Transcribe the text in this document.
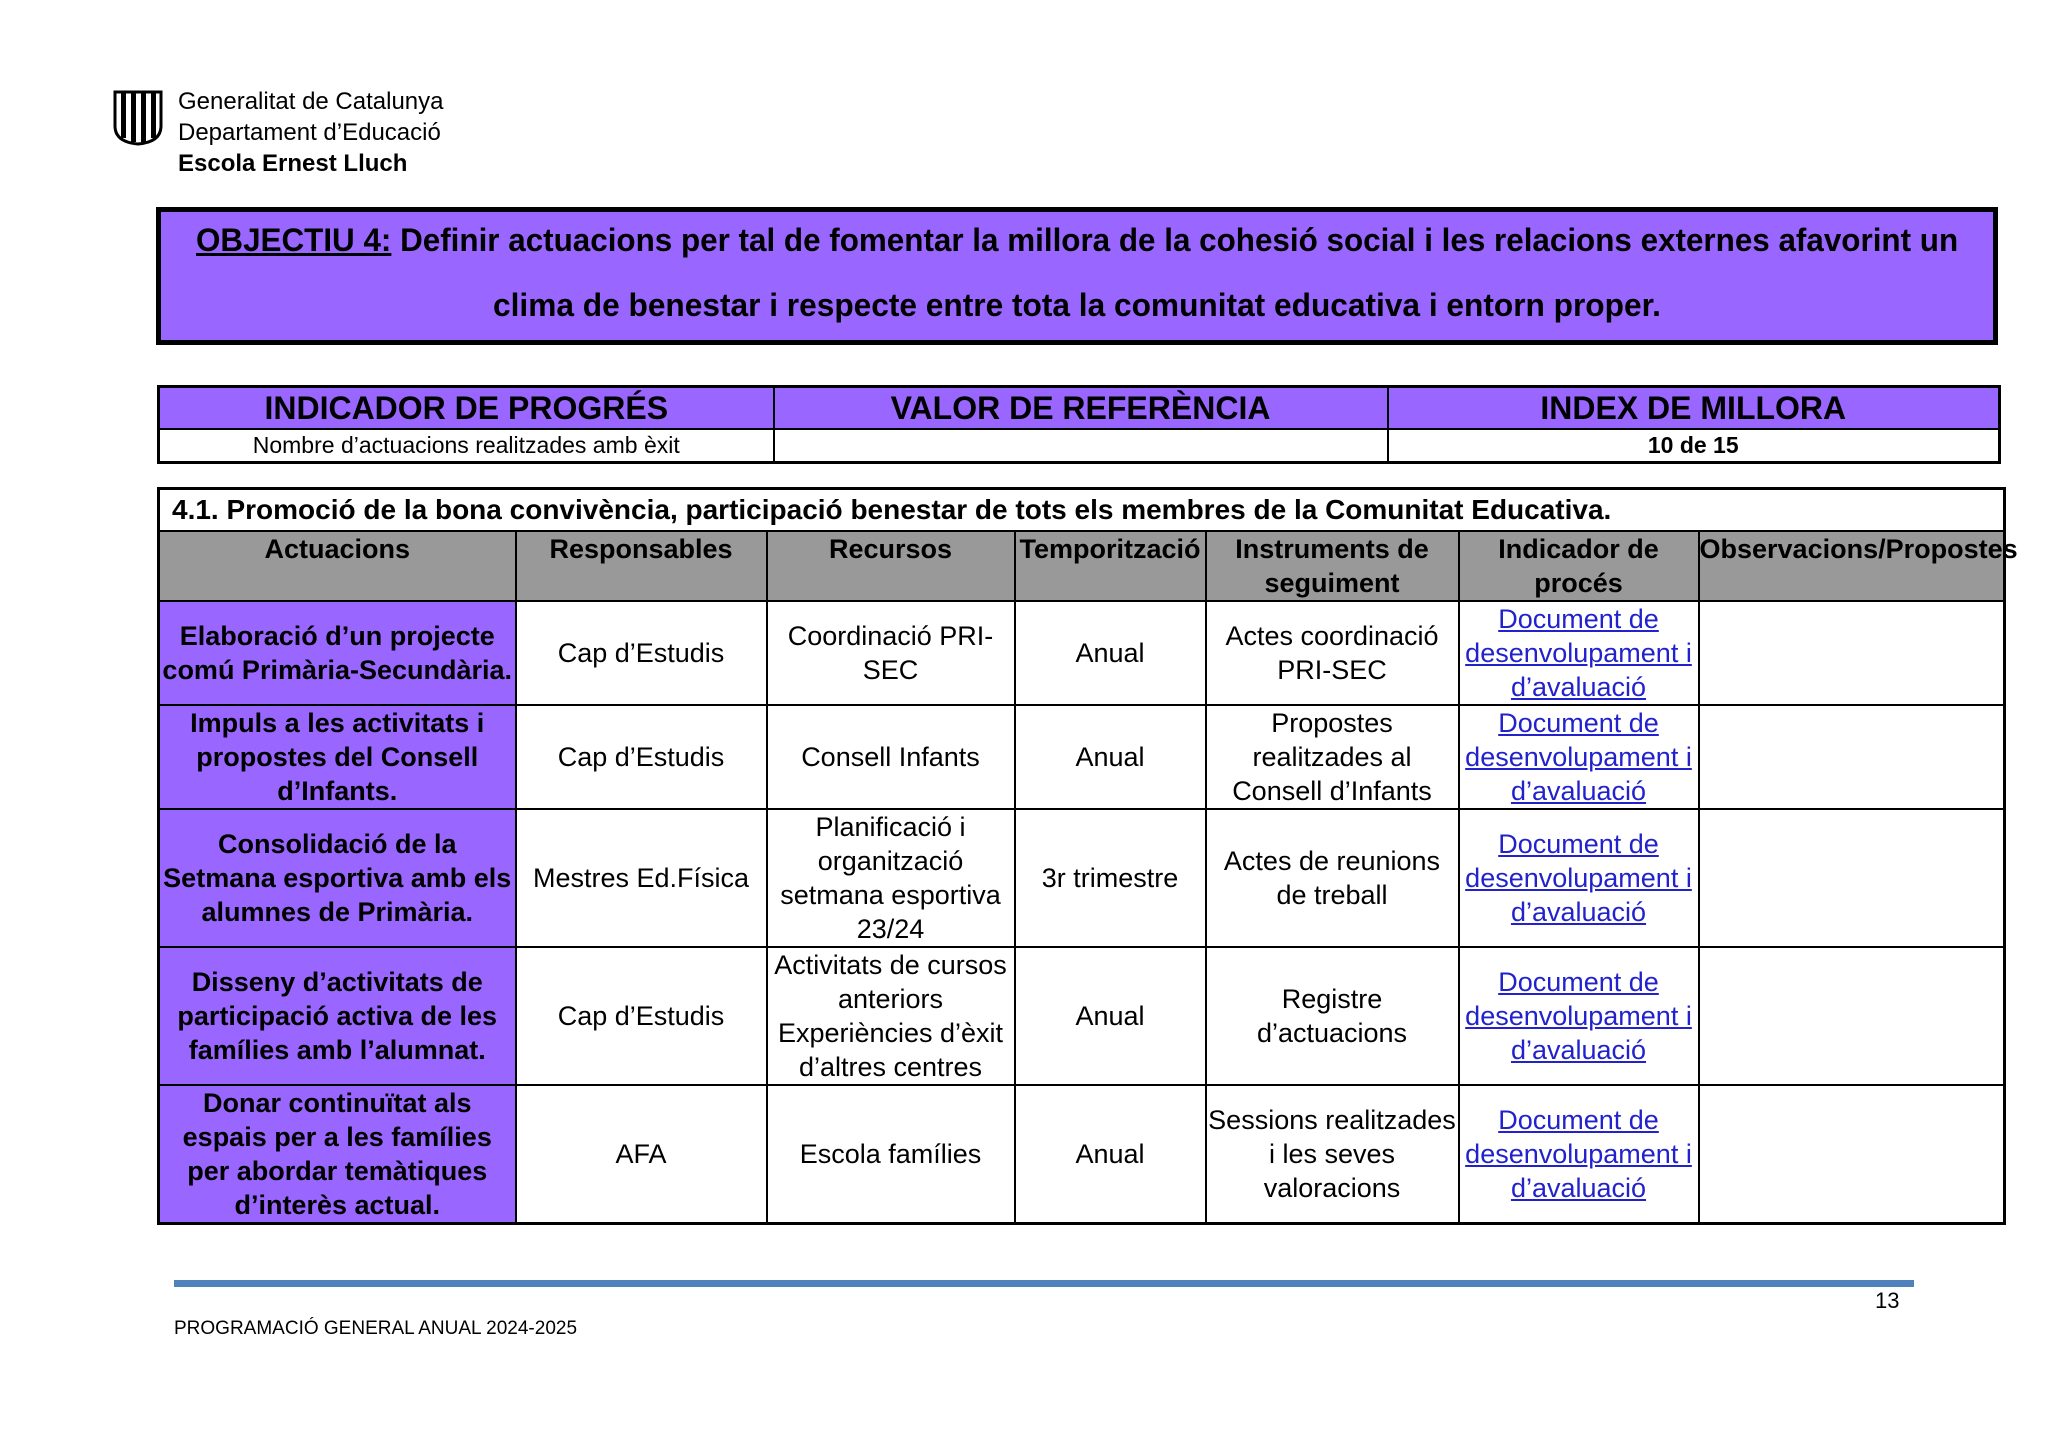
Generalitat de Catalunya
Departament d’Educació
Escola Ernest Lluch
OBJECTIU 4: Definir actuacions per tal de fomentar la millora de la cohesió social i les relacions externes afavorint un
clima de benestar i respecte entre tota la comunitat educativa i entorn proper.
INDICADOR DE PROGRÉS	VALOR DE REFERÈNCIA	INDEX DE MILLORA
Nombre d’actuacions realitzades amb èxit		10 de 15
4.1. Promoció de la bona convivència, participació benestar de tots els membres de la Comunitat Educativa.						
Actuacions	Responsables	Recursos	Temporització	Instruments de seguiment	Indicador de procés	Observacions/Propostes
Elaboració d’un projecte comú Primària-Secundària.	Cap d’Estudis	Coordinació PRI-SEC	Anual	Actes coordinació PRI-SEC	Document de desenvolupament i d’avaluació	
Impuls a les activitats i propostes del Consell d’Infants.	Cap d’Estudis	Consell Infants	Anual	Propostes realitzades al Consell d’Infants	Document de desenvolupament i d’avaluació	
Consolidació de la Setmana esportiva amb els alumnes de Primària.	Mestres Ed.Física	Planificació i organització setmana esportiva 23/24	3r trimestre	Actes de reunions de treball	Document de desenvolupament i d’avaluació	
Disseny d’activitats de participació activa de les famílies amb l’alumnat.	Cap d’Estudis	Activitats de cursos anteriors Experiències d’èxit d’altres centres	Anual	Registre d’actuacions	Document de desenvolupament i d’avaluació	
Donar continuïtat als espais per a les famílies per abordar temàtiques d’interès actual.	AFA	Escola famílies	Anual	Sessions realitzades i les seves valoracions	Document de desenvolupament i d’avaluació	
13
PROGRAMACIÓ GENERAL ANUAL 2024-2025
